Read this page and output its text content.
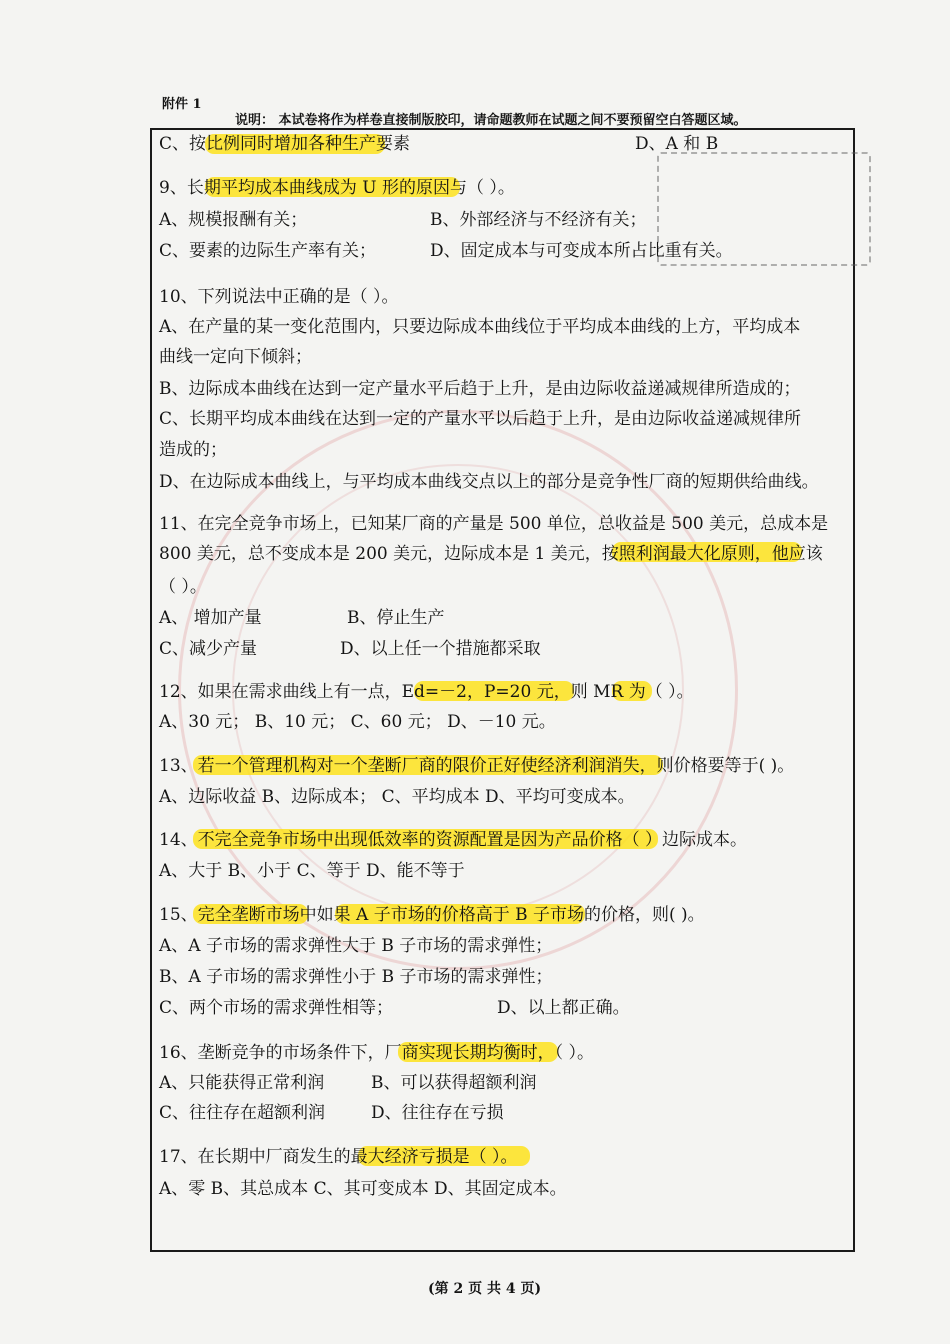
附件 1
说明： 本试卷将作为样卷直接制版胶印，请命题教师在试题之间不要预留空白答题区域。
C、按比例同时增加各种生产要素	D、A 和 B
9、长期平均成本曲线成为 U 形的原因与（ ）。
A、规模报酬有关；	B、外部经济与不经济有关；
C、要素的边际生产率有关；	D、固定成本与可变成本所占比重有关。
10、下列说法中正确的是（ ）。
A、在产量的某一变化范围内，只要边际成本曲线位于平均成本曲线的上方，平均成本
曲线一定向下倾斜；
B、边际成本曲线在达到一定产量水平后趋于上升，是由边际收益递减规律所造成的；
C、长期平均成本曲线在达到一定的产量水平以后趋于上升，是由边际收益递减规律所
造成的；
D、在边际成本曲线上，与平均成本曲线交点以上的部分是竞争性厂商的短期供给曲线。
11、在完全竞争市场上，已知某厂商的产量是 500 单位，总收益是 500 美元，总成本是
800 美元，总不变成本是 200 美元，边际成本是 1 美元，按照利润最大化原则，他应该
（ ）。
A、 增加产量	B、停止生产
C、减少产量	D、以上任一个措施都采取
12、如果在需求曲线上有一点，Ed=－2，P=20 元，则 MR 为（ ）。
A、30 元； B、10 元； C、60 元； D、－10 元。
13、若一个管理机构对一个垄断厂商的限价正好使经济利润消失，则价格要等于( )。
A、边际收益 B、边际成本； C、平均成本 D、平均可变成本。
14、不完全竞争市场中出现低效率的资源配置是因为产品价格（ ）边际成本。
A、大于 B、小于 C、等于 D、能不等于
15、完全垄断市场中如果 A 子市场的价格高于 B 子市场的价格，则( )。
A、A 子市场的需求弹性大于 B 子市场的需求弹性；
B、A 子市场的需求弹性小于 B 子市场的需求弹性；
C、两个市场的需求弹性相等；	D、以上都正确。
16、垄断竞争的市场条件下，厂商实现长期均衡时，（ ）。
A、只能获得正常利润	B、可以获得超额利润
C、往往存在超额利润	D、往往存在亏损
17、在长期中厂商发生的最大经济亏损是（ ）。
A、零 B、其总成本 C、其可变成本 D、其固定成本。
(第 2 页 共 4 页)
